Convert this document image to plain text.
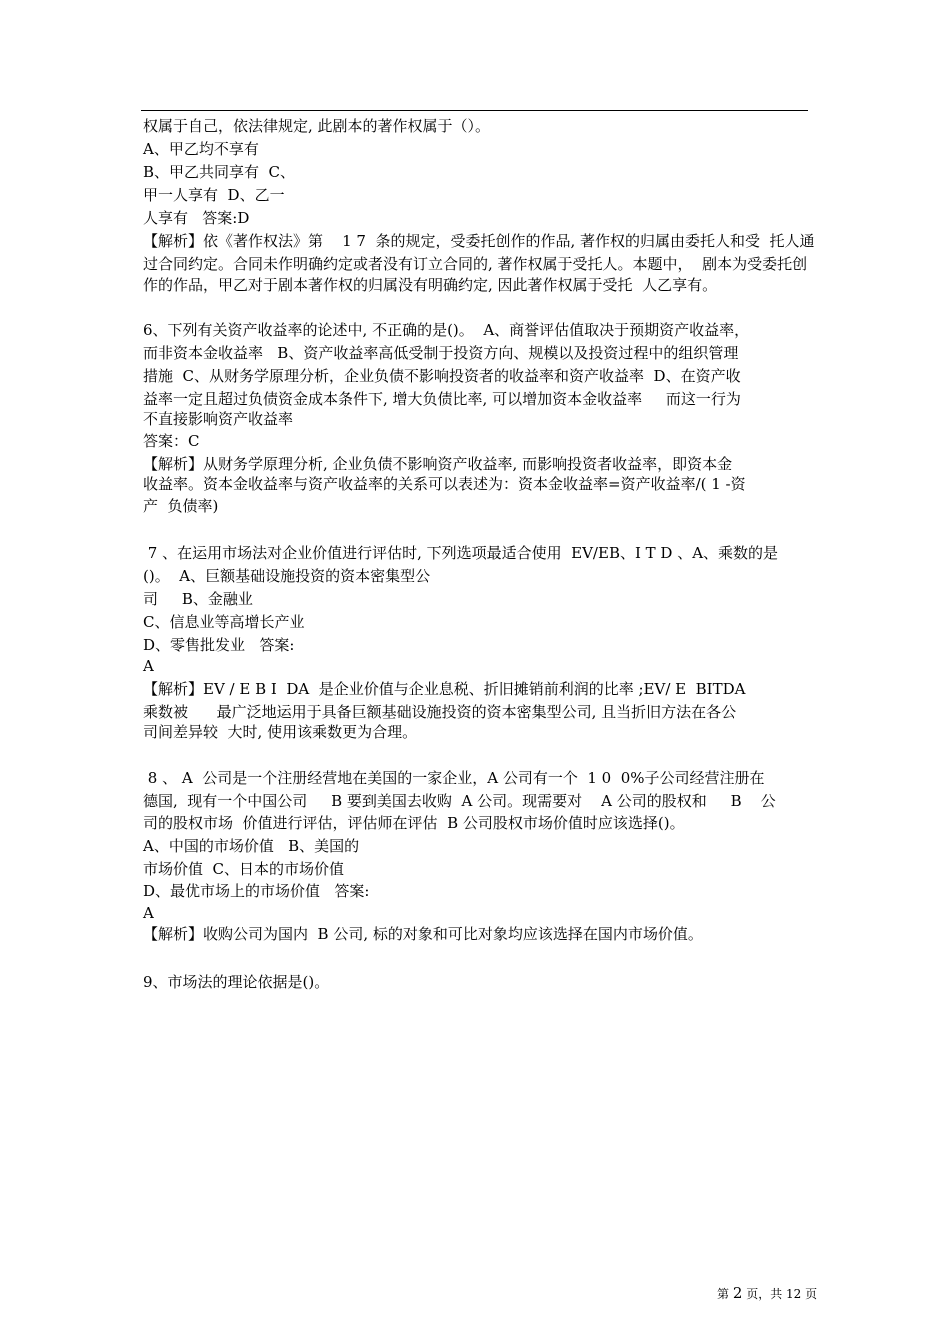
权属于自己，依法律规定, 此剧本的著作权属于（）。
A、甲乙均不享有
B、甲乙共同享有  C、
甲一人享有  D、乙一
人享有   答案:D
【解析】依《著作权法》第    1 7  条的规定，受委托创作的作品, 著作权的归属由委托人和受  托人通
过合同约定。合同未作明确约定或者没有订立合同的, 著作权属于受托人。本题中，  剧本为受委托创
作的作品，甲乙对于剧本著作权的归属没有明确约定, 因此著作权属于受托  人乙享有。
6、下列有关资产收益率的论述中, 不正确的是()。  A、商誉评估值取决于预期资产收益率，
而非资本金收益率   B、资产收益率高低受制于投资方向、规模以及投资过程中的组织管理
措施  C、从财务学原理分析，企业负债不影响投资者的收益率和资产收益率  D、在资产收
益率一定且超过负债资金成本条件下, 增大负债比率, 可以增加资本金收益率     而这一行为
不直接影响资产收益率
答案：C
【解析】从财务学原理分析, 企业负债不影响资产收益率, 而影响投资者收益率，即资本金
收益率。资本金收益率与资产收益率的关系可以表述为：资本金收益率=资产收益率/( 1 -资
产  负债率)
7 、在运用市场法对企业价值进行评估时, 下列选项最适合使用  EV/EB、I T D 、A、乘数的是
()。  A、巨额基础设施投资的资本密集型公
司     B、金融业
C、信息业等高增长产业
D、零售批发业   答案:
A
【解析】EV / E B I  DA  是企业价值与企业息税、折旧摊销前利润的比率 ;EV/ E  BITDA
乘数被      最广泛地运用于具备巨额基础设施投资的资本密集型公司, 且当折旧方法在各公
司间差异较  大时, 使用该乘数更为合理。
8 、 A  公司是一个注册经营地在美国的一家企业，A 公司有一个  1 0  0%子公司经营注册在
德国,  现有一个中国公司     B 要到美国去收购  A 公司。现需要对    A 公司的股权和     B    公
司的股权市场  价值进行评估，评估师在评估  B 公司股权市场价值时应该选择()。
A、中国的市场价值   B、美国的
市场价值  C、日本的市场价值
D、最优市场上的市场价值   答案:
A
【解析】收购公司为国内  B 公司, 标的对象和可比对象均应该选择在国内市场价值。
9、市场法的理论依据是()。
第 2 页，共 12 页
